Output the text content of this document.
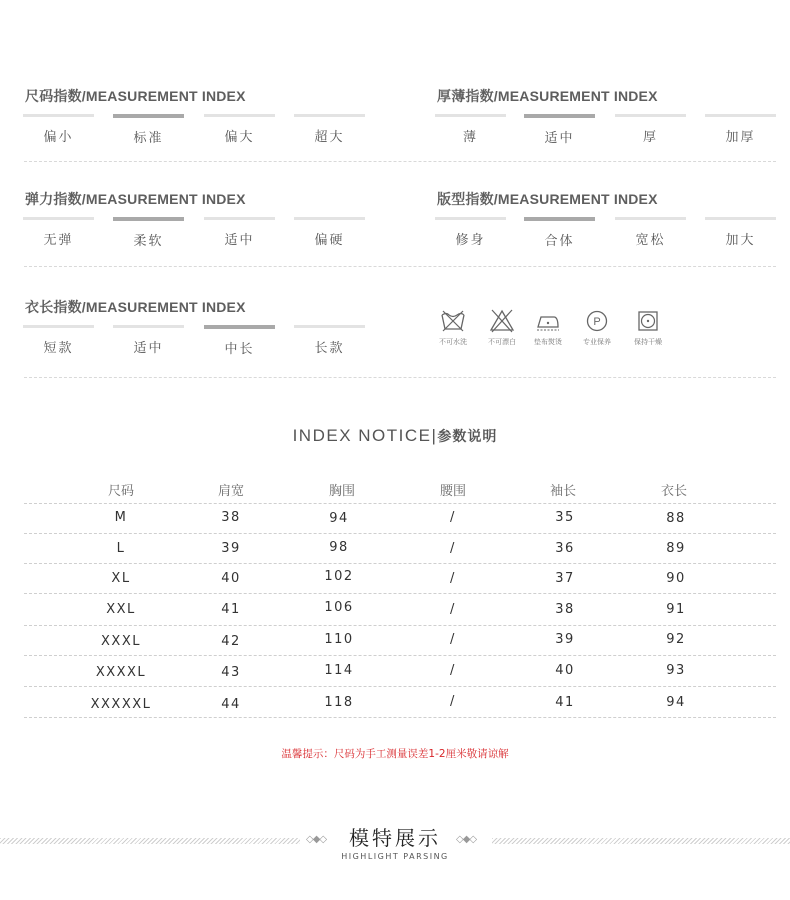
尺码指数/MEASUREMENT INDEX
偏小	标准	偏大	超大
厚薄指数/MEASUREMENT INDEX
薄	适中	厚	加厚
弹力指数/MEASUREMENT INDEX
无弹	柔软	适中	偏硬
版型指数/MEASUREMENT INDEX
修身	合体	宽松	加大
衣长指数/MEASUREMENT INDEX
短款	适中	中长	长款	不可水洗	不可漂白	垫布熨烫
P
专业保养	保持干燥
INDEX NOTICE|参数说明
尺码	肩宽	胸围	腰围	袖长	衣长
M	38	94	/	35	88
L	39	98	/	36	89
XL	40	102	/	37	90
XXL	41	106	/	38	91
XXXL	42	110	/	39	92
XXXXL	43	114	/	40	93
XXXXXL	44	118	/	41	94
温馨提示：尺码为手工测量误差1-2厘米敬请谅解
◇◆◇	模特展示
HIGHLIGHT PARSING
◇◆◇
